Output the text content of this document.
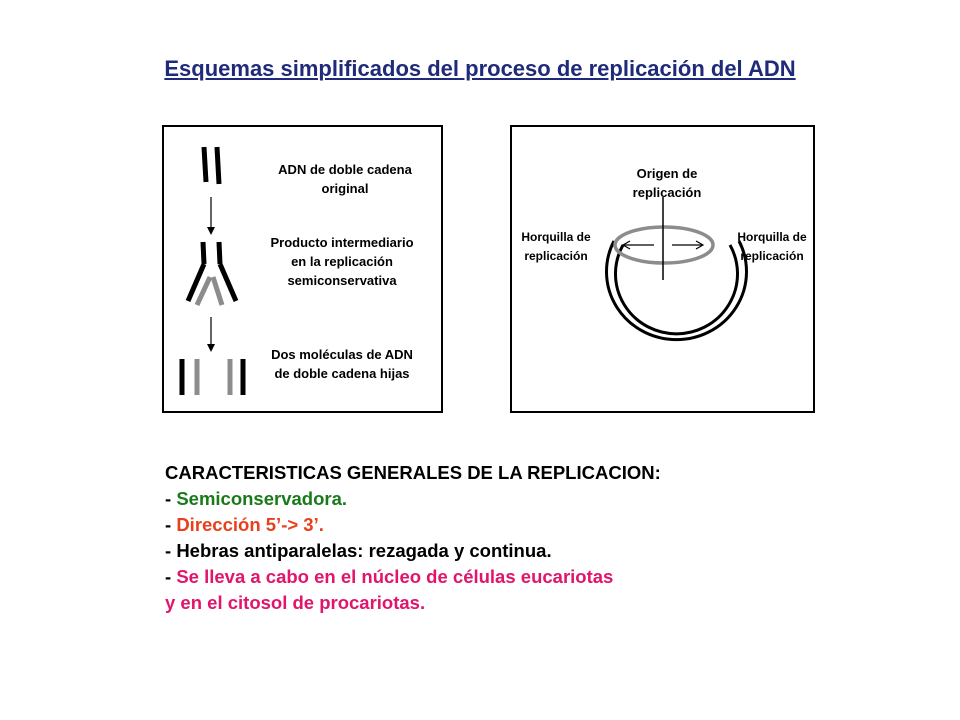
Esquemas simplificados del proceso de replicación del ADN
ADN de doble cadena original
Producto intermediario en la replicación semiconservativa
Dos moléculas de ADN de doble cadena hijas
Origen de replicación
Horquilla de replicación
Horquilla de replicación
CARACTERISTICAS GENERALES DE LA REPLICACION:
- Semiconservadora.
- Dirección 5’-> 3’.
- Hebras antiparalelas: rezagada y continua.
- Se lleva a cabo en el núcleo de células eucariotas
y en el citosol de procariotas.
